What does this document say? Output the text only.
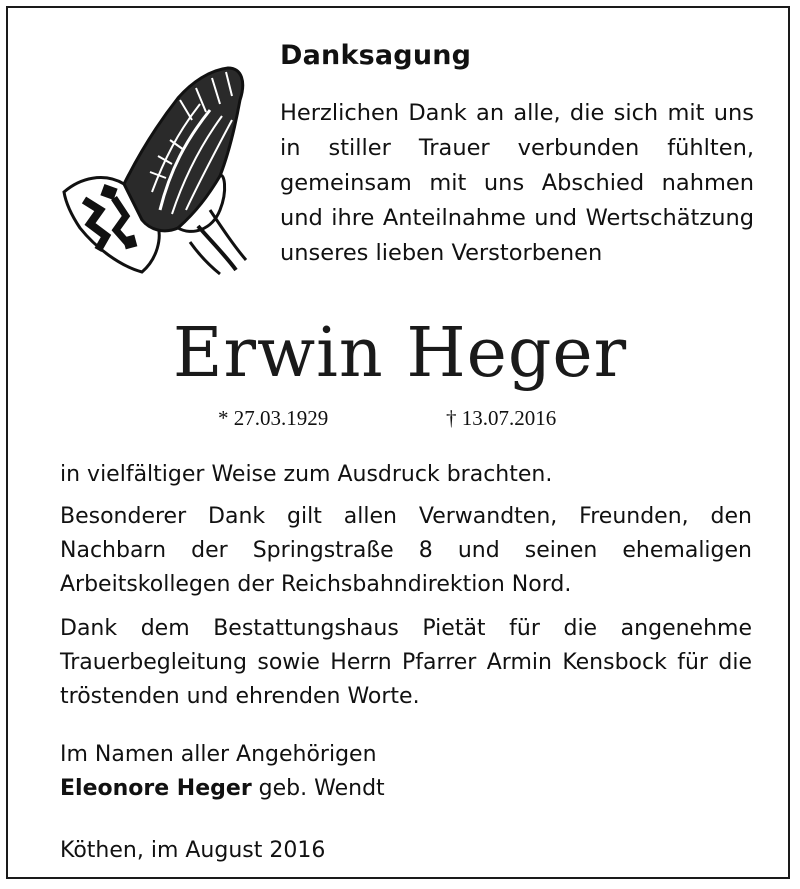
Danksagung
Herzlichen Dank an alle, die sich mit uns in stiller Trauer verbunden fühlten, gemeinsam mit uns Abschied nahmen und ihre Anteilnahme und Wertschätzung unseres lieben Verstorbenen
Erwin Heger
* 27.03.1929	† 13.07.2016
in vielfältiger Weise zum Ausdruck brachten.
Besonderer Dank gilt allen Verwandten, Freunden, den Nachbarn der Springstraße 8 und seinen ehemaligen Arbeitskollegen der Reichsbahndirektion Nord.
Dank dem Bestattungshaus Pietät für die angenehme Trauerbegleitung sowie Herrn Pfarrer Armin Kensbock für die tröstenden und ehrenden Worte.
Im Namen aller Angehörigen
Eleonore Heger geb. Wendt
Köthen, im August 2016
